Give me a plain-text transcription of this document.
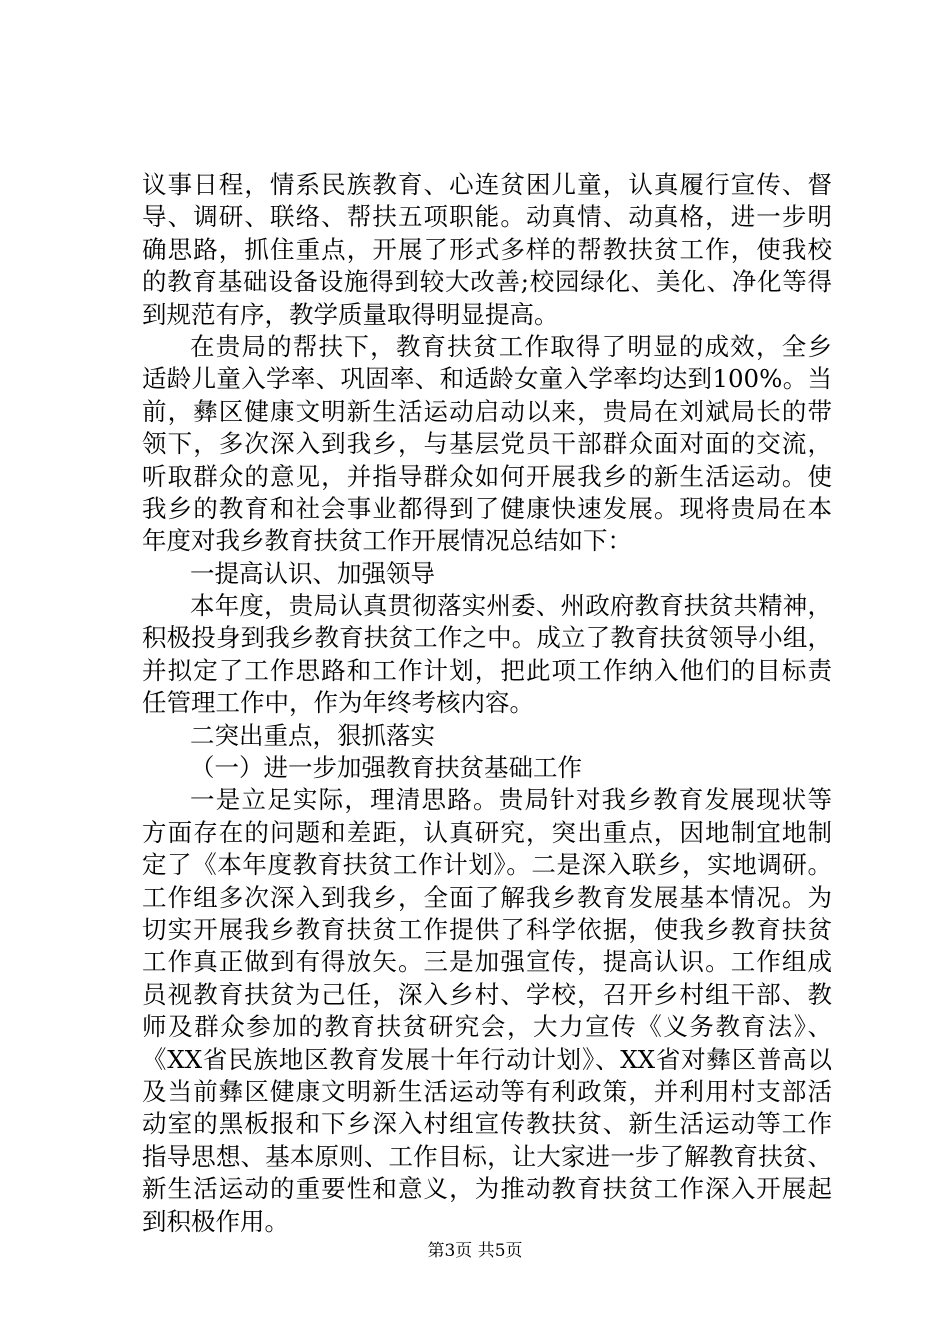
议事日程，情系民族教育、心连贫困儿童，认真履行宣传、督
导、调研、联络、帮扶五项职能。动真情、动真格，进一步明
确思路，抓住重点，开展了形式多样的帮教扶贫工作，使我校
的教育基础设备设施得到较大改善;校园绿化、美化、净化等得
到规范有序，教学质量取得明显提高。
在贵局的帮扶下，教育扶贫工作取得了明显的成效，全乡
适龄儿童入学率、巩固率、和适龄女童入学率均达到100%。当
前，彝区健康文明新生活运动启动以来，贵局在刘斌局长的带
领下，多次深入到我乡，与基层党员干部群众面对面的交流，
听取群众的意见，并指导群众如何开展我乡的新生活运动。使
我乡的教育和社会事业都得到了健康快速发展。现将贵局在本
年度对我乡教育扶贫工作开展情况总结如下：
一提高认识、加强领导
本年度，贵局认真贯彻落实州委、州政府教育扶贫共精神，
积极投身到我乡教育扶贫工作之中。成立了教育扶贫领导小组，
并拟定了工作思路和工作计划，把此项工作纳入他们的目标责
任管理工作中，作为年终考核内容。
二突出重点，狠抓落实
（一）进一步加强教育扶贫基础工作
一是立足实际，理清思路。贵局针对我乡教育发展现状等
方面存在的问题和差距，认真研究，突出重点，因地制宜地制
定了《本年度教育扶贫工作计划》。二是深入联乡，实地调研。
工作组多次深入到我乡，全面了解我乡教育发展基本情况。为
切实开展我乡教育扶贫工作提供了科学依据，使我乡教育扶贫
工作真正做到有得放矢。三是加强宣传，提高认识。工作组成
员视教育扶贫为己任，深入乡村、学校，召开乡村组干部、教
师及群众参加的教育扶贫研究会，大力宣传《义务教育法》、
《XX省民族地区教育发展十年行动计划》、XX省对彝区普高以
及当前彝区健康文明新生活运动等有利政策，并利用村支部活
动室的黑板报和下乡深入村组宣传教扶贫、新生活运动等工作
指导思想、基本原则、工作目标，让大家进一步了解教育扶贫、
新生活运动的重要性和意义，为推动教育扶贫工作深入开展起
到积极作用。
第3页 共5页
